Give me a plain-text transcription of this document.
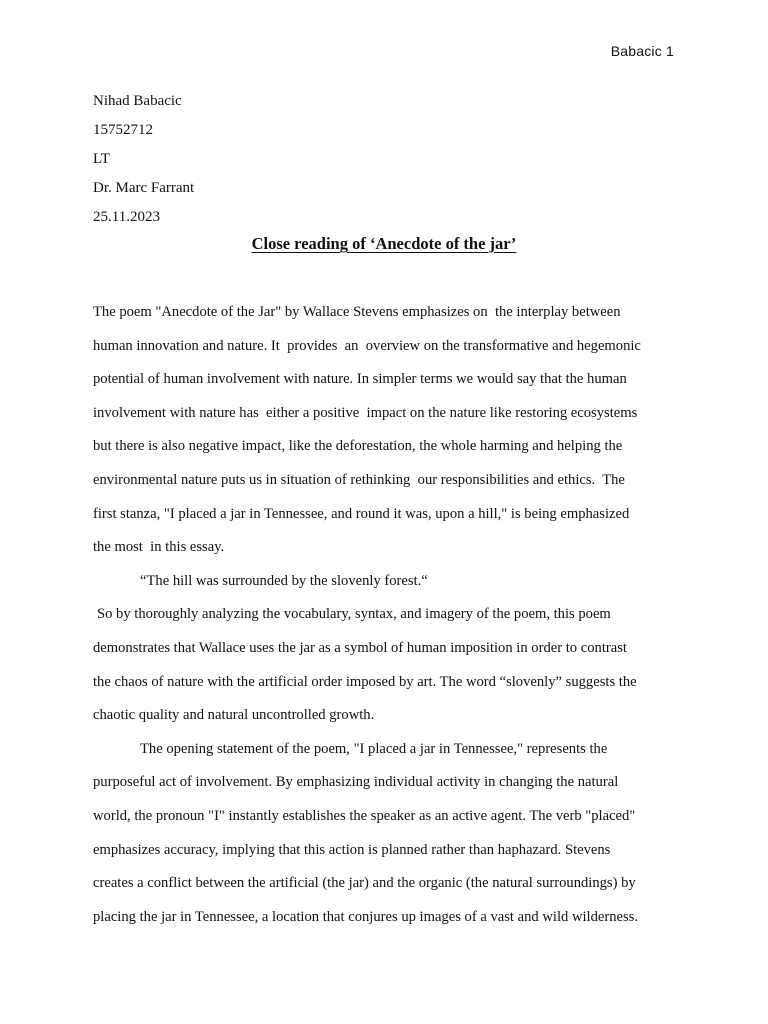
Babacic 1
Nihad Babacic
15752712
LT
Dr. Marc Farrant
25.11.2023
Close reading of ‘Anecdote of the jar’
The poem "Anecdote of the Jar" by Wallace Stevens emphasizes on  the interplay between
human innovation and nature. It  provides  an  overview on the transformative and hegemonic
potential of human involvement with nature. In simpler terms we would say that the human
involvement with nature has  either a positive  impact on the nature like restoring ecosystems
but there is also negative impact, like the deforestation, the whole harming and helping the
environmental nature puts us in situation of rethinking  our responsibilities and ethics.  The
first stanza, "I placed a jar in Tennessee, and round it was, upon a hill," is being emphasized
the most  in this essay.
“The hill was surrounded by the slovenly forest.“
So by thoroughly analyzing the vocabulary, syntax, and imagery of the poem, this poem
demonstrates that Wallace uses the jar as a symbol of human imposition in order to contrast
the chaos of nature with the artificial order imposed by art. The word “slovenly” suggests the
chaotic quality and natural uncontrolled growth.
The opening statement of the poem, "I placed a jar in Tennessee," represents the
purposeful act of involvement. By emphasizing individual activity in changing the natural
world, the pronoun "I" instantly establishes the speaker as an active agent. The verb "placed"
emphasizes accuracy, implying that this action is planned rather than haphazard. Stevens
creates a conflict between the artificial (the jar) and the organic (the natural surroundings) by
placing the jar in Tennessee, a location that conjures up images of a vast and wild wilderness.
